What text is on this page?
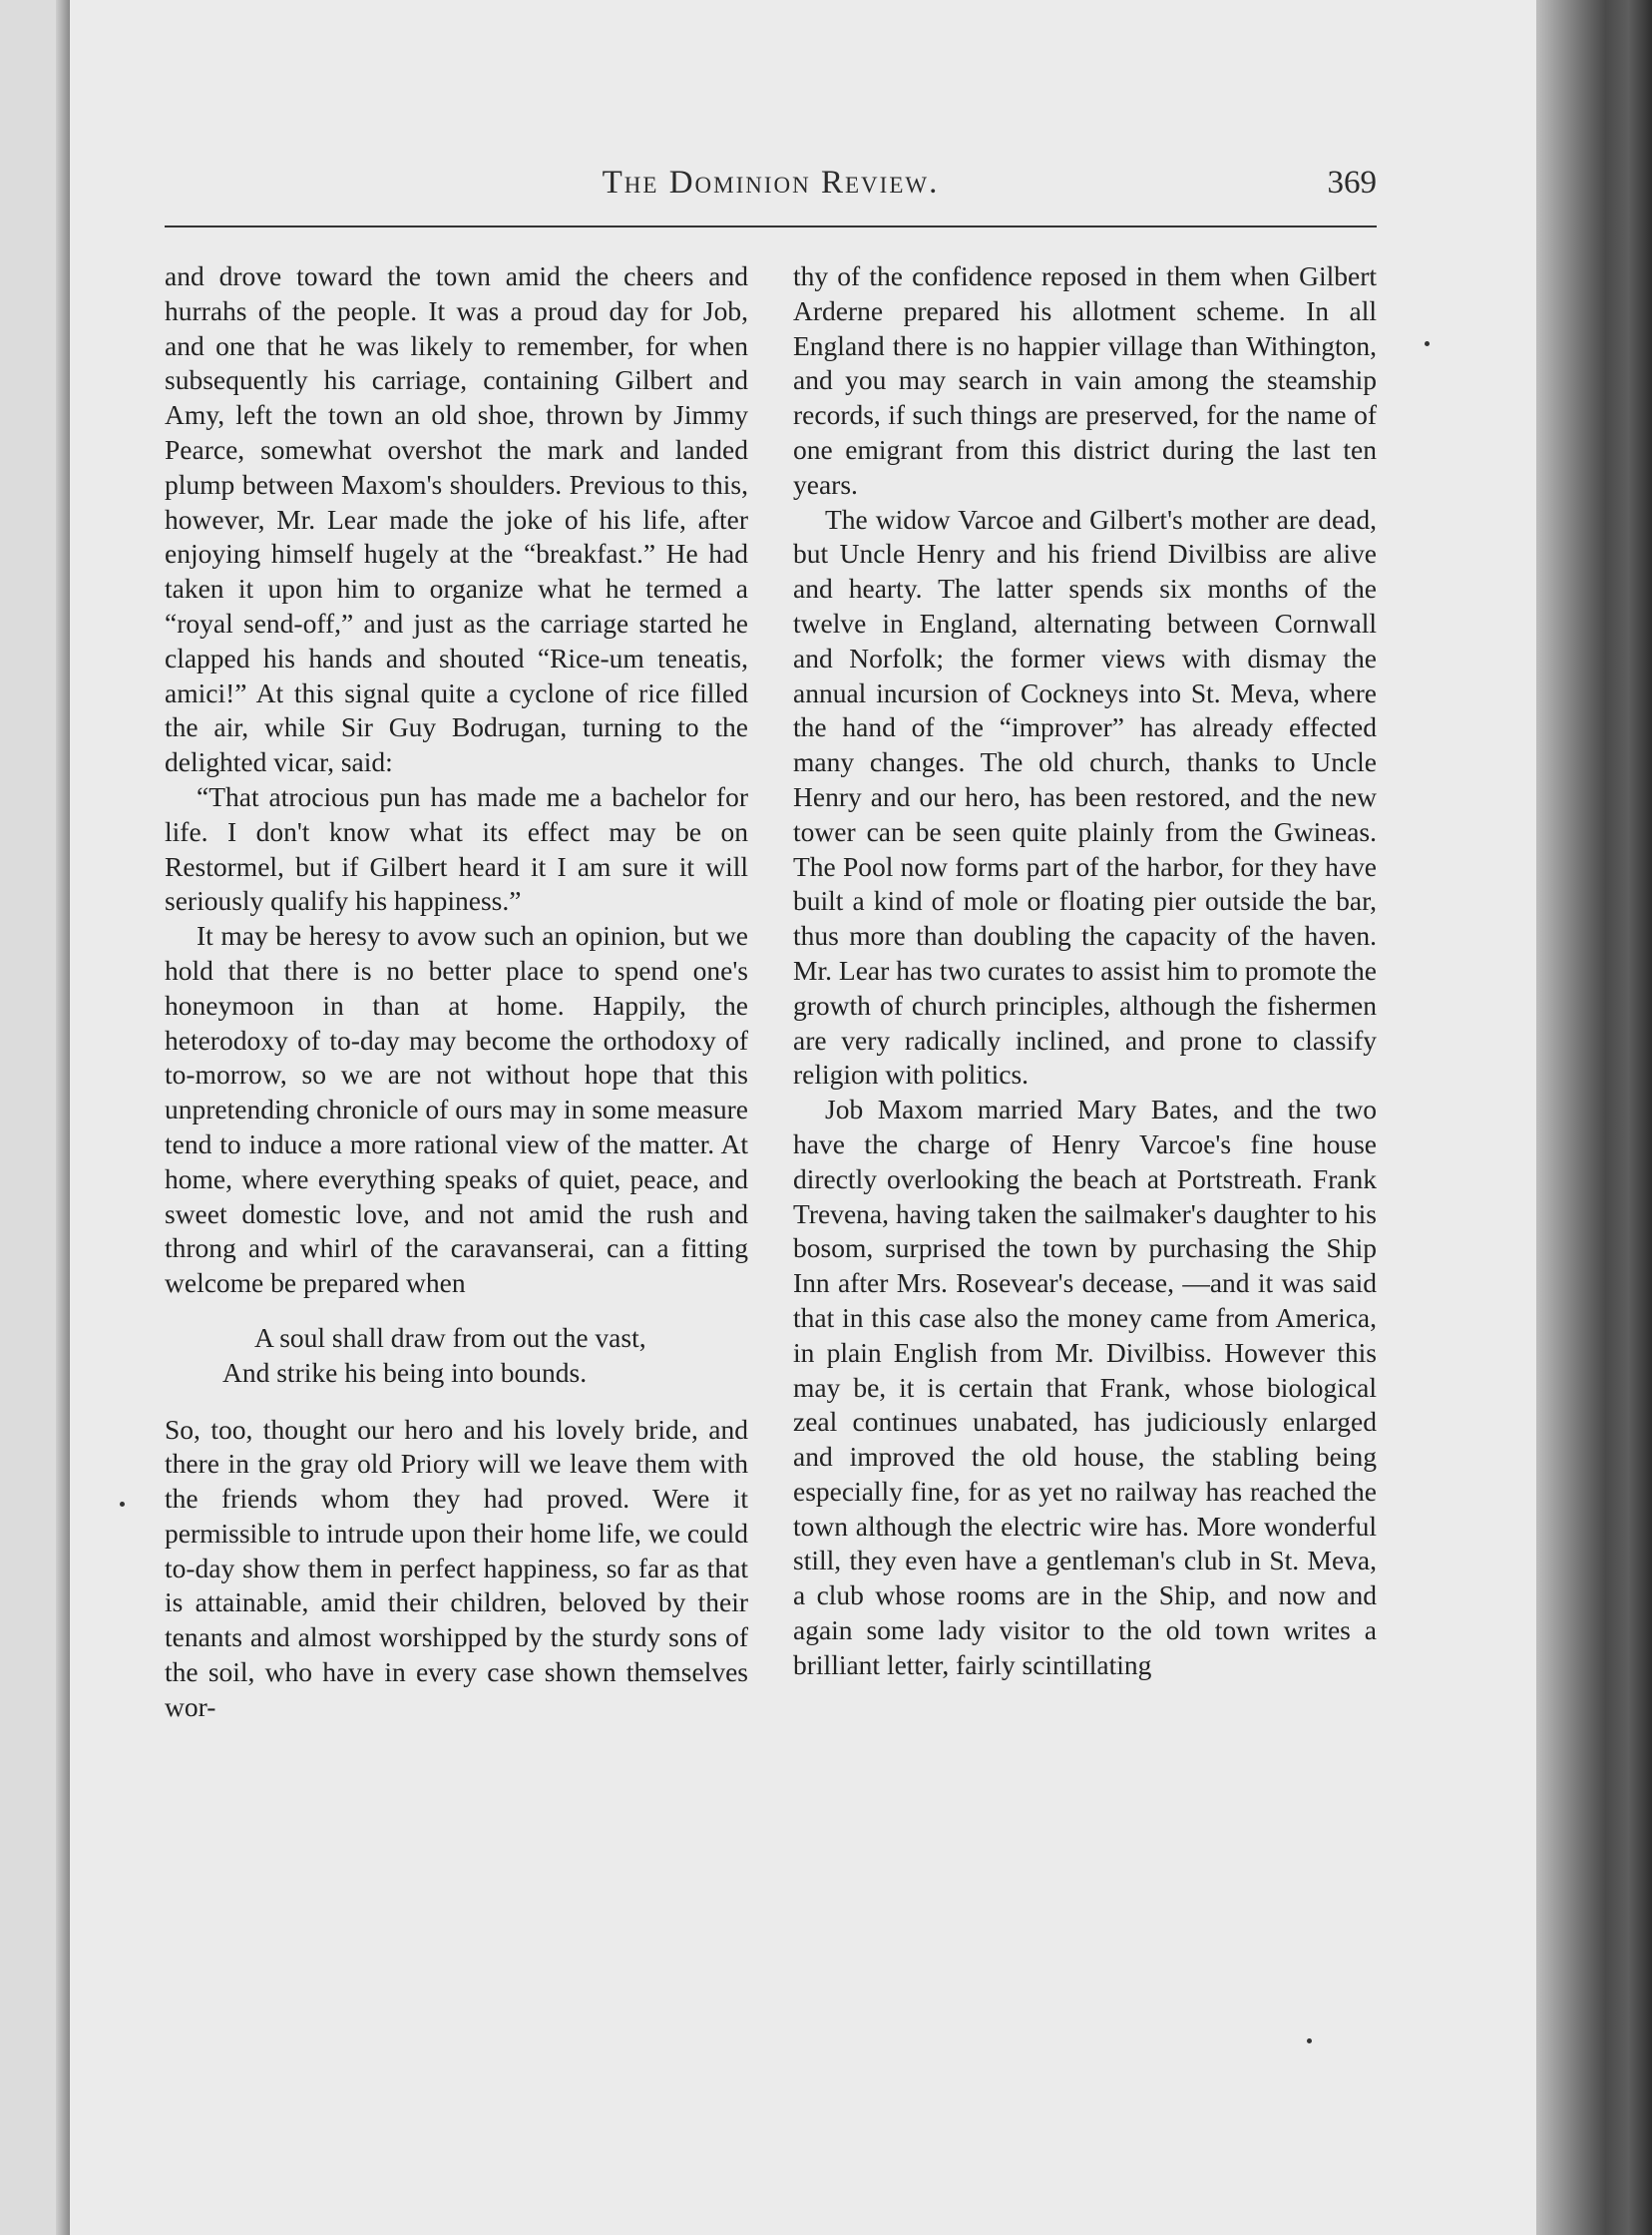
The Dominion Review.	369

and drove toward the town amid the cheers and hurrahs of the people. It was a proud day for Job, and one that he was likely to remember, for when subsequently his carriage, containing Gilbert and Amy, left the town an old shoe, thrown by Jimmy Pearce, somewhat overshot the mark and landed plump between Maxom's shoulders. Previous to this, however, Mr. Lear made the joke of his life, after enjoying himself hugely at the “breakfast.” He had taken it upon him to organize what he termed a “royal send-off,” and just as the carriage started he clapped his hands and shouted “Rice-um teneatis, amici!” At this signal quite a cyclone of rice filled the air, while Sir Guy Bodrugan, turning to the delighted vicar, said:

“That atrocious pun has made me a bachelor for life. I don't know what its effect may be on Restormel, but if Gilbert heard it I am sure it will seriously qualify his happiness.”

It may be heresy to avow such an opinion, but we hold that there is no better place to spend one's honeymoon in than at home. Happily, the heterodoxy of to-day may become the orthodoxy of to-morrow, so we are not without hope that this unpretending chronicle of ours may in some measure tend to induce a more rational view of the matter. At home, where everything speaks of quiet, peace, and sweet domestic love, and not amid the rush and throng and whirl of the caravanserai, can a fitting welcome be prepared when

A soul shall draw from out the vast,
And strike his being into bounds.

So, too, thought our hero and his lovely bride, and there in the gray old Priory will we leave them with the friends whom they had proved. Were it permissible to intrude upon their home life, we could to-day show them in perfect happiness, so far as that is attainable, amid their children, beloved by their tenants and almost worshipped by the sturdy sons of the soil, who have in every case shown themselves wor-

thy of the confidence reposed in them when Gilbert Arderne prepared his allotment scheme. In all England there is no happier village than Withington, and you may search in vain among the steamship records, if such things are preserved, for the name of one emigrant from this district during the last ten years.

The widow Varcoe and Gilbert's mother are dead, but Uncle Henry and his friend Divilbiss are alive and hearty. The latter spends six months of the twelve in England, alternating between Cornwall and Norfolk; the former views with dismay the annual incursion of Cockneys into St. Meva, where the hand of the “improver” has already effected many changes. The old church, thanks to Uncle Henry and our hero, has been restored, and the new tower can be seen quite plainly from the Gwineas. The Pool now forms part of the harbor, for they have built a kind of mole or floating pier outside the bar, thus more than doubling the capacity of the haven. Mr. Lear has two curates to assist him to promote the growth of church principles, although the fishermen are very radically inclined, and prone to classify religion with politics.

Job Maxom married Mary Bates, and the two have the charge of Henry Varcoe's fine house directly overlooking the beach at Portstreath. Frank Trevena, having taken the sailmaker's daughter to his bosom, surprised the town by purchasing the Ship Inn after Mrs. Rosevear's decease, —and it was said that in this case also the money came from America, in plain English from Mr. Divilbiss. However this may be, it is certain that Frank, whose biological zeal continues unabated, has judiciously enlarged and improved the old house, the stabling being especially fine, for as yet no railway has reached the town although the electric wire has. More wonderful still, they even have a gentleman's club in St. Meva, a club whose rooms are in the Ship, and now and again some lady visitor to the old town writes a brilliant letter, fairly scintillating
